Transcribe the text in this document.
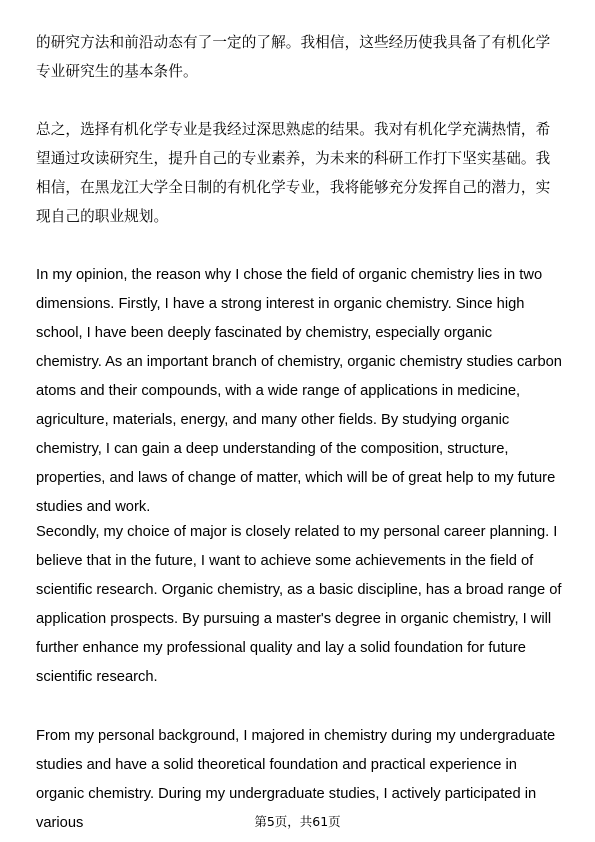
的研究方法和前沿动态有了一定的了解。我相信，这些经历使我具备了有机化学专业研究生的基本条件。

总之，选择有机化学专业是我经过深思熟虑的结果。我对有机化学充满热情，希望通过攻读研究生，提升自己的专业素养，为未来的科研工作打下坚实基础。我相信，在黑龙江大学全日制的有机化学专业，我将能够充分发挥自己的潜力，实现自己的职业规划。

In my opinion, the reason why I chose the field of organic chemistry lies in two dimensions. Firstly, I have a strong interest in organic chemistry. Since high school, I have been deeply fascinated by chemistry, especially organic chemistry. As an important branch of chemistry, organic chemistry studies carbon atoms and their compounds, with a wide range of applications in medicine, agriculture, materials, energy, and many other fields. By studying organic chemistry, I can gain a deep understanding of the composition, structure, properties, and laws of change of matter, which will be of great help to my future studies and work.

Secondly, my choice of major is closely related to my personal career planning. I believe that in the future, I want to achieve some achievements in the field of scientific research. Organic chemistry, as a basic discipline, has a broad range of application prospects. By pursuing a master's degree in organic chemistry, I will further enhance my professional quality and lay a solid foundation for future scientific research.

From my personal background, I majored in chemistry during my undergraduate studies and have a solid theoretical foundation and practical experience in organic chemistry. During my undergraduate studies, I actively participated in various	第5页，共61页
